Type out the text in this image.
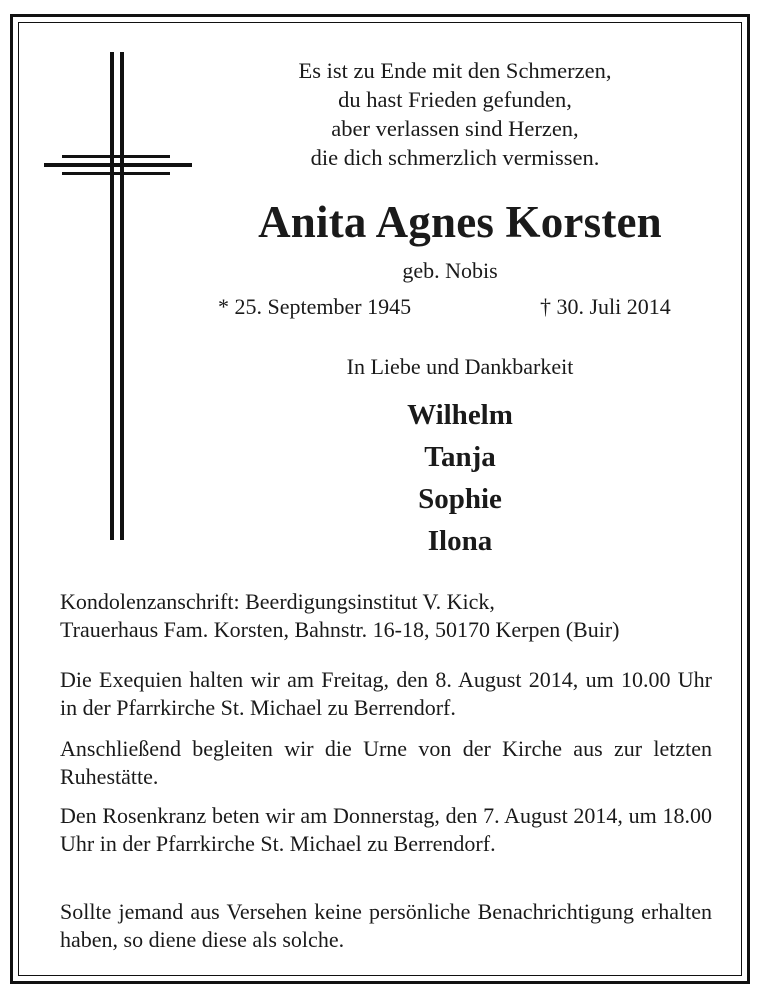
Es ist zu Ende mit den Schmerzen,
du hast Frieden gefunden,
aber verlassen sind Herzen,
die dich schmerzlich vermissen.
Anita Agnes Korsten
geb. Nobis
* 25. September 1945	† 30. Juli 2014
In Liebe und Dankbarkeit
Wilhelm
Tanja
Sophie
Ilona
Kondolenzanschrift: Beerdigungsinstitut V. Kick,
Trauerhaus Fam. Korsten, Bahnstr. 16-18, 50170 Kerpen (Buir)
Die Exequien halten wir am Freitag, den 8. August 2014, um 10.00 Uhr in der Pfarrkirche St. Michael zu Berrendorf.
Anschließend begleiten wir die Urne von der Kirche aus zur letzten Ruhestätte.
Den Rosenkranz beten wir am Donnerstag, den 7. August 2014, um 18.00 Uhr in der Pfarrkirche St. Michael zu Berrendorf.
Sollte jemand aus Versehen keine persönliche Benachrichtigung erhalten haben, so diene diese als solche.
